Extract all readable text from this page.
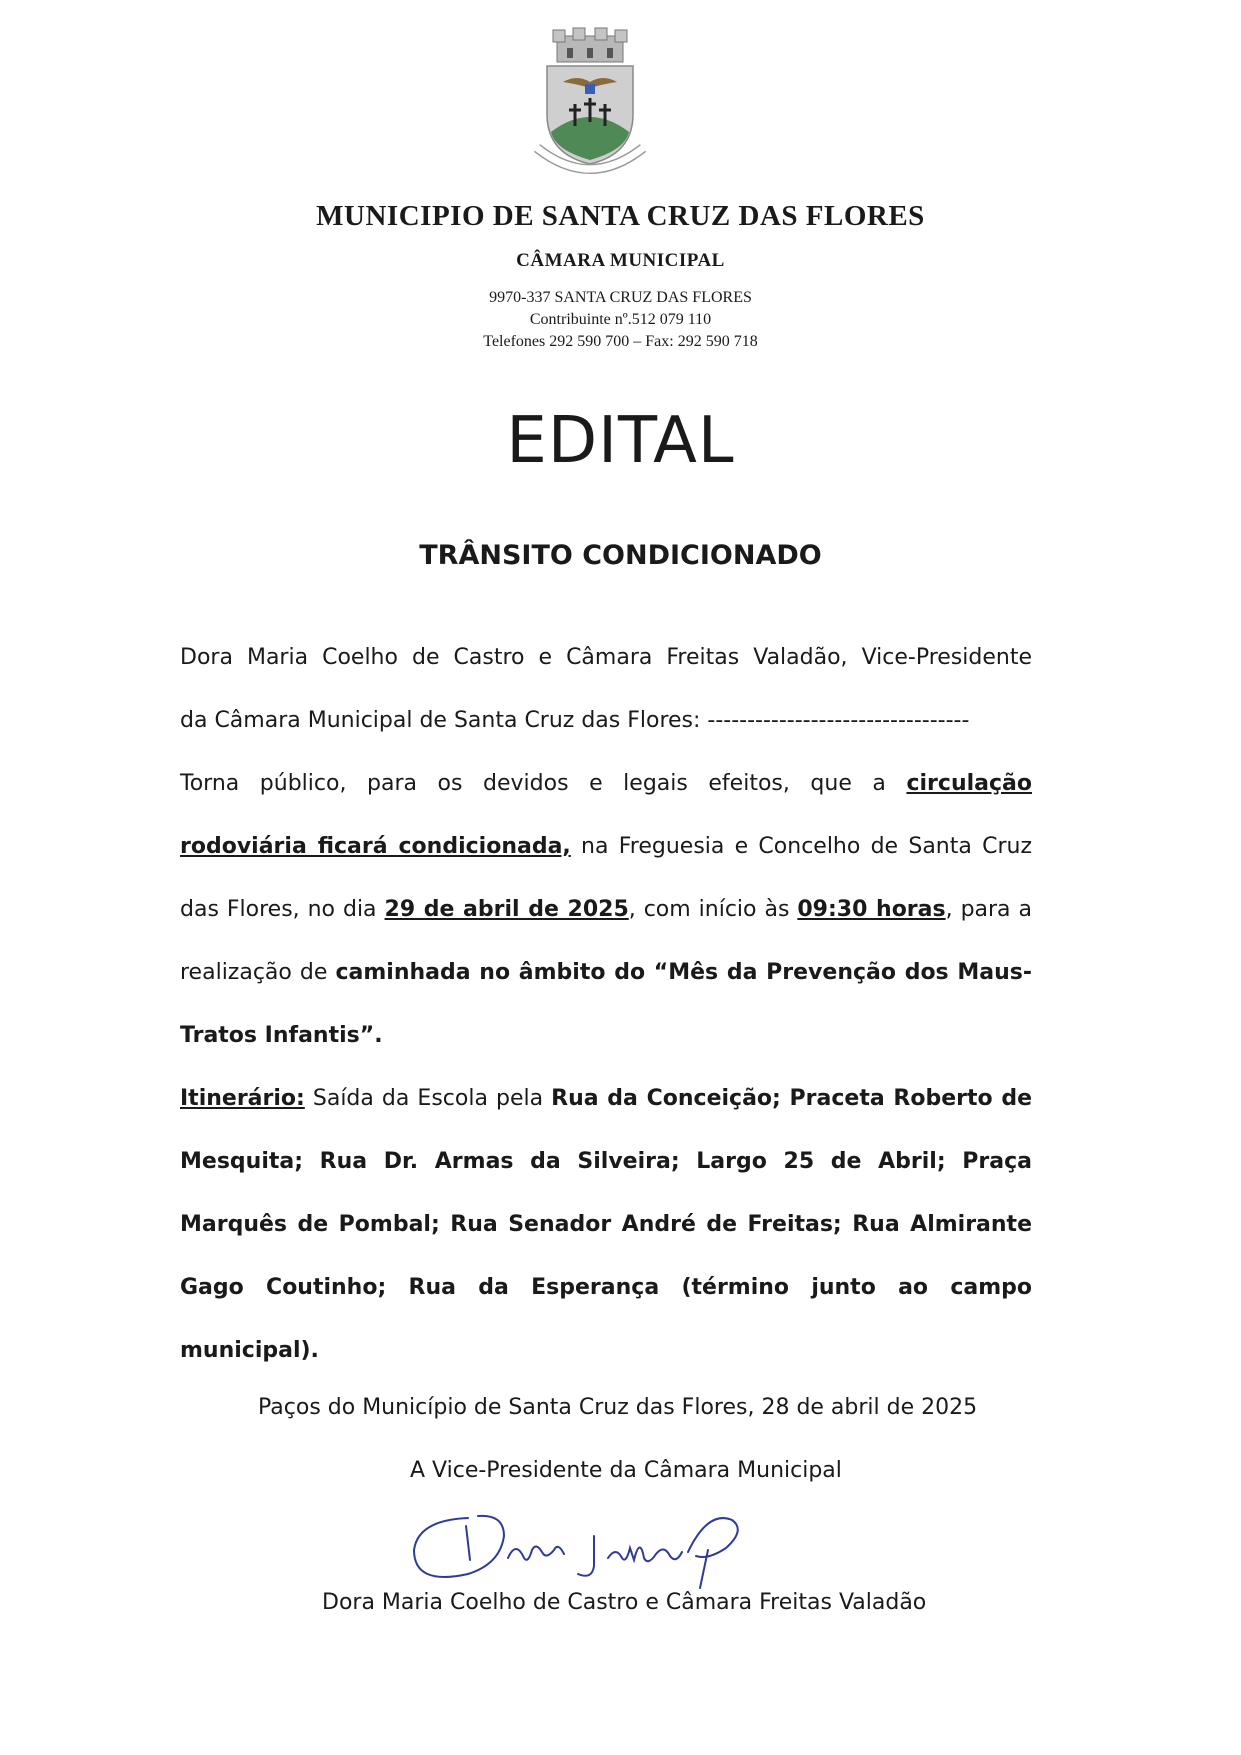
MUNICIPIO DE SANTA CRUZ DAS FLORES
CÂMARA MUNICIPAL
9970-337 SANTA CRUZ DAS FLORES
Contribuinte nº.512 079 110
Telefones 292 590 700 – Fax: 292 590 718
EDITAL
TRÂNSITO CONDICIONADO
Dora Maria Coelho de Castro e Câmara Freitas Valadão, Vice-Presidente
da Câmara Municipal de Santa Cruz das Flores: ---------------------------------
Torna público, para os devidos e legais efeitos, que a circulação
rodoviária ficará condicionada, na Freguesia e Concelho de Santa Cruz
das Flores, no dia 29 de abril de 2025, com início às 09:30 horas, para a
realização de caminhada no âmbito do “Mês da Prevenção dos Maus-
Tratos Infantis”.
Itinerário: Saída da Escola pela Rua da Conceição; Praceta Roberto de
Mesquita; Rua Dr. Armas da Silveira; Largo 25 de Abril; Praça
Marquês de Pombal; Rua Senador André de Freitas; Rua Almirante
Gago Coutinho; Rua da Esperança (término junto ao campo
municipal).
Paços do Município de Santa Cruz das Flores, 28 de abril de 2025
A Vice-Presidente da Câmara Municipal
Dora Maria Coelho de Castro e Câmara Freitas Valadão
